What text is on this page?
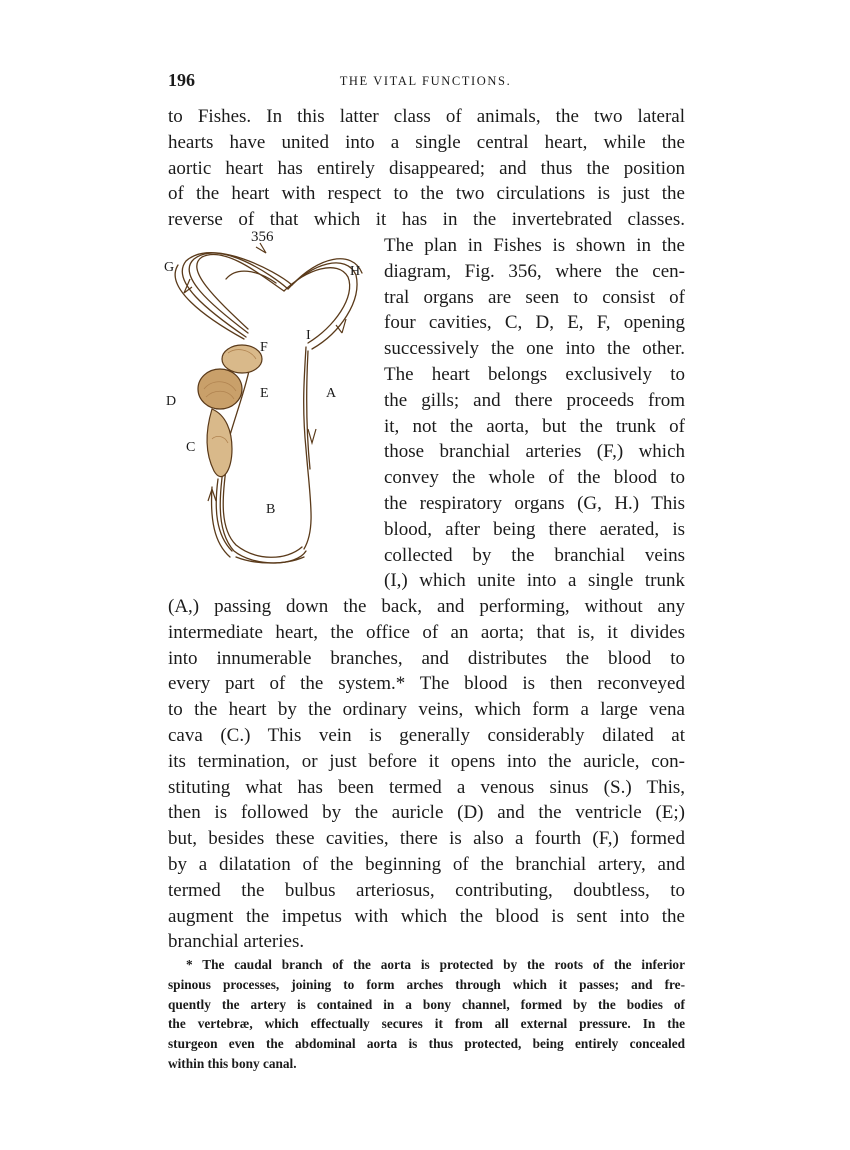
196	THE VITAL FUNCTIONS.
to Fishes. In this latter class of animals, the two lateral
hearts have united into a single central heart, while the
aortic heart has entirely disappeared; and thus the position
of the heart with respect to the two circulations is just the
reverse of that which it has in the invertebrated classes.
356
G	H
I
F
E	A
D
C
B
The plan in Fishes is shown in the
diagram, Fig. 356, where the cen-
tral organs are seen to consist of
four cavities, C, D, E, F, opening
successively the one into the other.
The heart belongs exclusively to
the gills; and there proceeds from
it, not the aorta, but the trunk of
those branchial arteries (F,) which
convey the whole of the blood to
the respiratory organs (G, H.) This
blood, after being there aerated, is
collected by the branchial veins
(I,) which unite into a single trunk
(A,) passing down the back, and performing, without any
intermediate heart, the office of an aorta; that is, it divides
into innumerable branches, and distributes the blood to
every part of the system.* The blood is then reconveyed
to the heart by the ordinary veins, which form a large vena
cava (C.) This vein is generally considerably dilated at
its termination, or just before it opens into the auricle, con-
stituting what has been termed a venous sinus (S.) This,
then is followed by the auricle (D) and the ventricle (E;)
but, besides these cavities, there is also a fourth (F,) formed
by a dilatation of the beginning of the branchial artery, and
termed the bulbus arteriosus, contributing, doubtless, to
augment the impetus with which the blood is sent into the
branchial arteries.
* The caudal branch of the aorta is protected by the roots of the inferior
spinous processes, joining to form arches through which it passes; and fre-
quently the artery is contained in a bony channel, formed by the bodies of
the vertebræ, which effectually secures it from all external pressure. In the
sturgeon even the abdominal aorta is thus protected, being entirely concealed
within this bony canal.
